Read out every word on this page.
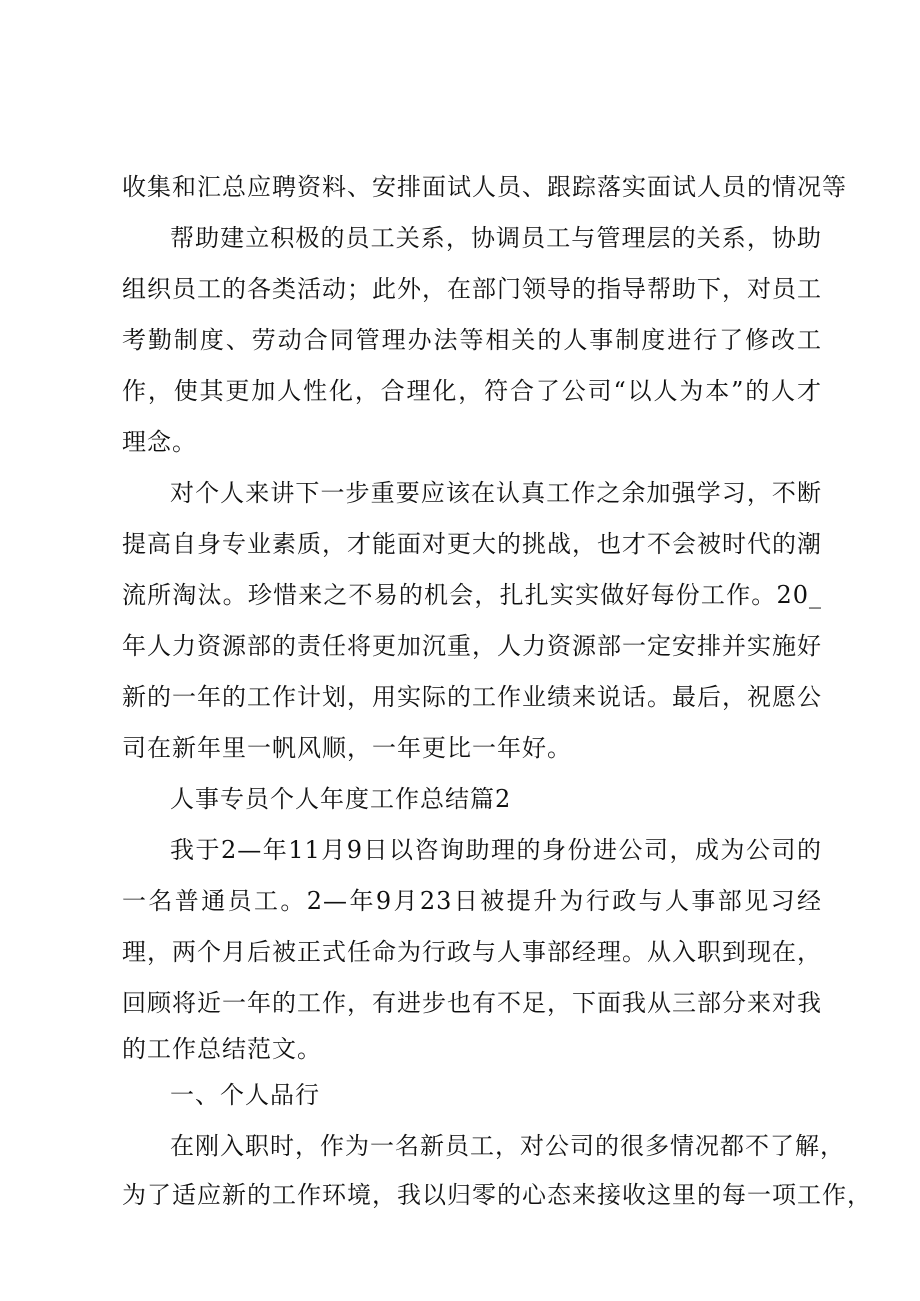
收集和汇总应聘资料、安排面试人员、跟踪落实面试人员的情况等

帮助建立积极的员工关系，协调员工与管理层的关系，协助组织员工的各类活动；此外，在部门领导的指导帮助下，对员工考勤制度、劳动合同管理办法等相关的人事制度进行了修改工作，使其更加人性化，合理化，符合了公司“以人为本”的人才理念。

对个人来讲下一步重要应该在认真工作之余加强学习，不断提高自身专业素质，才能面对更大的挑战，也才不会被时代的潮流所淘汰。珍惜来之不易的机会，扎扎实实做好每份工作。20_年人力资源部的责任将更加沉重，人力资源部一定安排并实施好新的一年的工作计划，用实际的工作业绩来说话。最后，祝愿公司在新年里一帆风顺，一年更比一年好。

人事专员个人年度工作总结篇2

我于2—年11月9日以咨询助理的身份进公司，成为公司的一名普通员工。2—年9月23日被提升为行政与人事部见习经理，两个月后被正式任命为行政与人事部经理。从入职到现在，回顾将近一年的工作，有进步也有不足，下面我从三部分来对我

的工作总结范文。

一、个人品行

在刚入职时，作为一名新员工，对公司的很多情况都不了解，

为了适应新的工作环境，我以归零的心态来接收这里的每一项工作，
